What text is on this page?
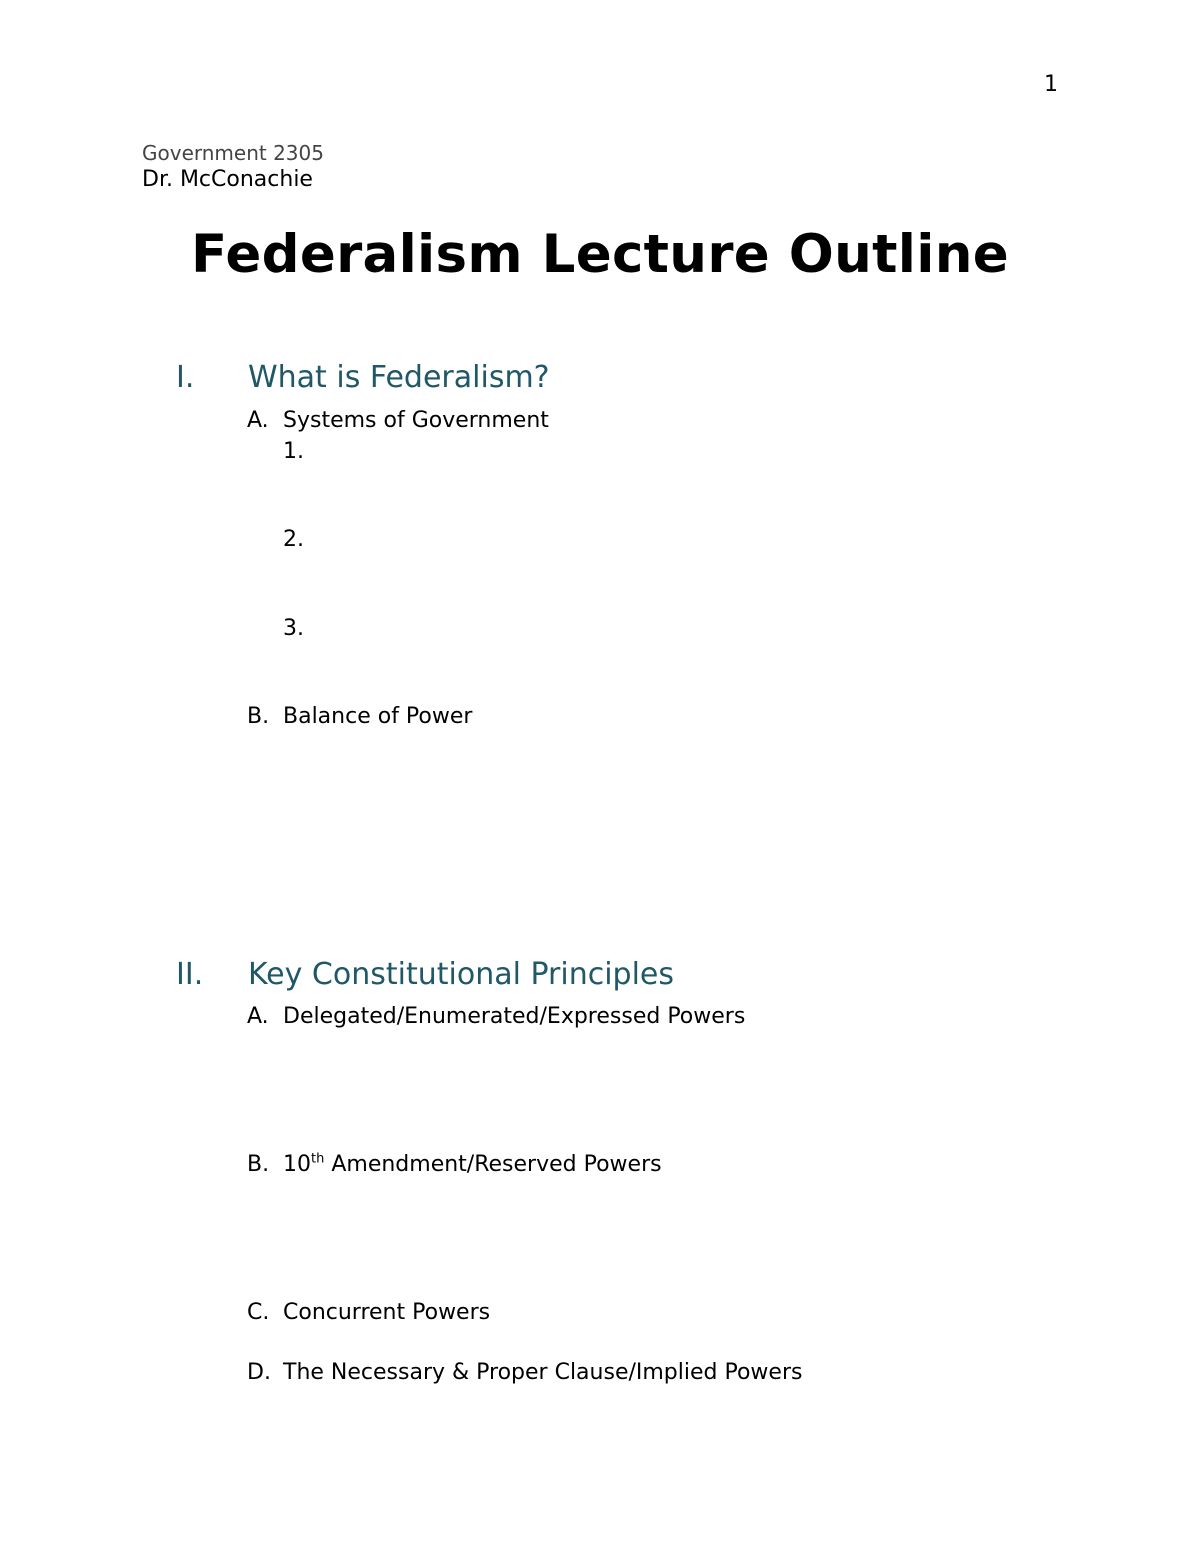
1
Government 2305
Dr. McConachie
Federalism Lecture Outline
I. What is Federalism?
A. Systems of Government
1.
2.
3.
B. Balance of Power
II. Key Constitutional Principles
A. Delegated/Enumerated/Expressed Powers
B. 10th Amendment/Reserved Powers
C. Concurrent Powers
D. The Necessary & Proper Clause/Implied Powers
